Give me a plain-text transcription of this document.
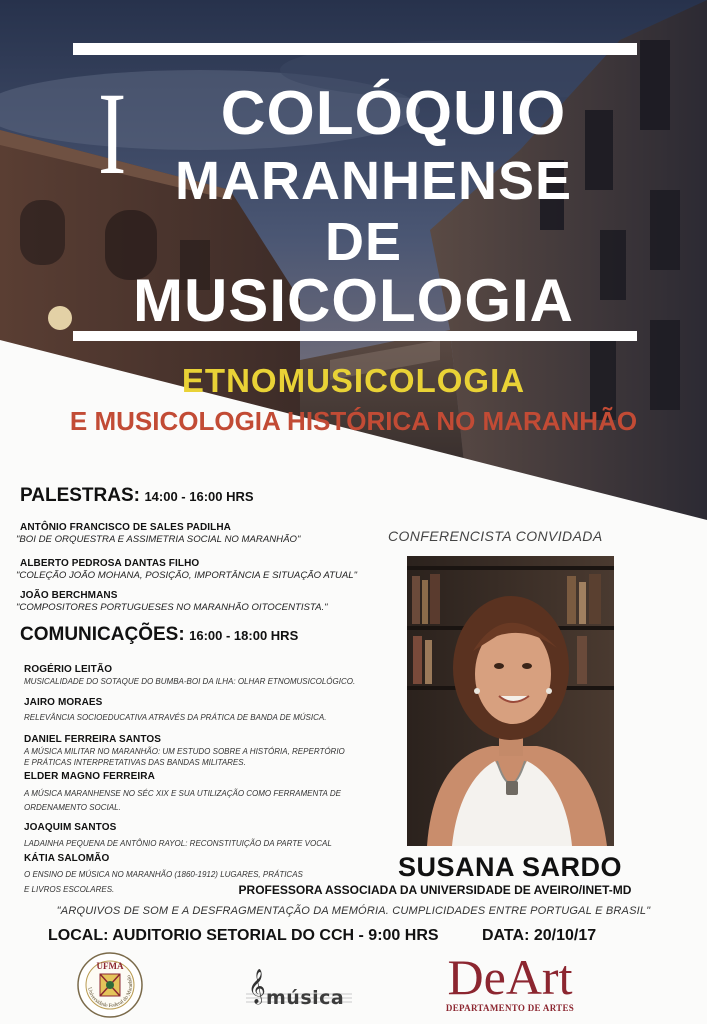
I	COLÓQUIO
MARANHENSE
DE
MUSICOLOGIA
ETNOMUSICOLOGIA
E MUSICOLOGIA HISTÓRICA NO MARANHÃO
PALESTRAS: 14:00 - 16:00 HRS
ANTÔNIO FRANCISCO DE SALES PADILHA
"BOI DE ORQUESTRA E ASSIMETRIA SOCIAL NO MARANHÃO"
ALBERTO PEDROSA DANTAS FILHO
"COLEÇÃO JOÃO MOHANA, POSIÇÃO, IMPORTÂNCIA E SITUAÇÃO ATUAL"
JOÃO BERCHMANS
"COMPOSITORES PORTUGUESES NO MARANHÃO OITOCENTISTA."
COMUNICAÇÕES: 16:00 - 18:00 HRS
ROGÉRIO LEITÃO
MUSICALIDADE DO SOTAQUE DO BUMBA-BOI DA ILHA: OLHAR ETNOMUSICOLÓGICO.
JAIRO MORAES
RELEVÂNCIA SOCIOEDUCATIVA ATRAVÉS DA PRÁTICA DE BANDA DE MÚSICA.
DANIEL FERREIRA SANTOS
A MÚSICA MILITAR NO MARANHÃO: UM ESTUDO SOBRE A HISTÓRIA, REPERTÓRIO
E PRÁTICAS INTERPRETATIVAS DAS BANDAS MILITARES.
ELDER MAGNO FERREIRA
A MÚSICA MARANHENSE NO SÉC XIX E SUA UTILIZAÇÃO COMO FERRAMENTA DE
ORDENAMENTO SOCIAL.
JOAQUIM SANTOS
LADAINHA PEQUENA DE ANTÔNIO RAYOL: RECONSTITUIÇÃO DA PARTE VOCAL
KÁTIA SALOMÃO
O ENSINO DE MÚSICA NO MARANHÃO (1860-1912) LUGARES, PRÁTICAS
E LIVROS ESCOLARES.
CONFERENCISTA CONVIDADA
SUSANA SARDO
PROFESSORA ASSOCIADA DA UNIVERSIDADE DE AVEIRO/INET-MD
"ARQUIVOS DE SOM E A DESFRAGMENTAÇÃO DA MEMÓRIA. CUMPLICIDADES ENTRE PORTUGAL E BRASIL"
LOCAL: AUDITORIO SETORIAL DO CCH - 9:00 HRS	DATA: 20/10/17
UFMA
Universidade Federal do Maranhão	𝄞 música	DeArt
DEPARTAMENTO DE ARTES
